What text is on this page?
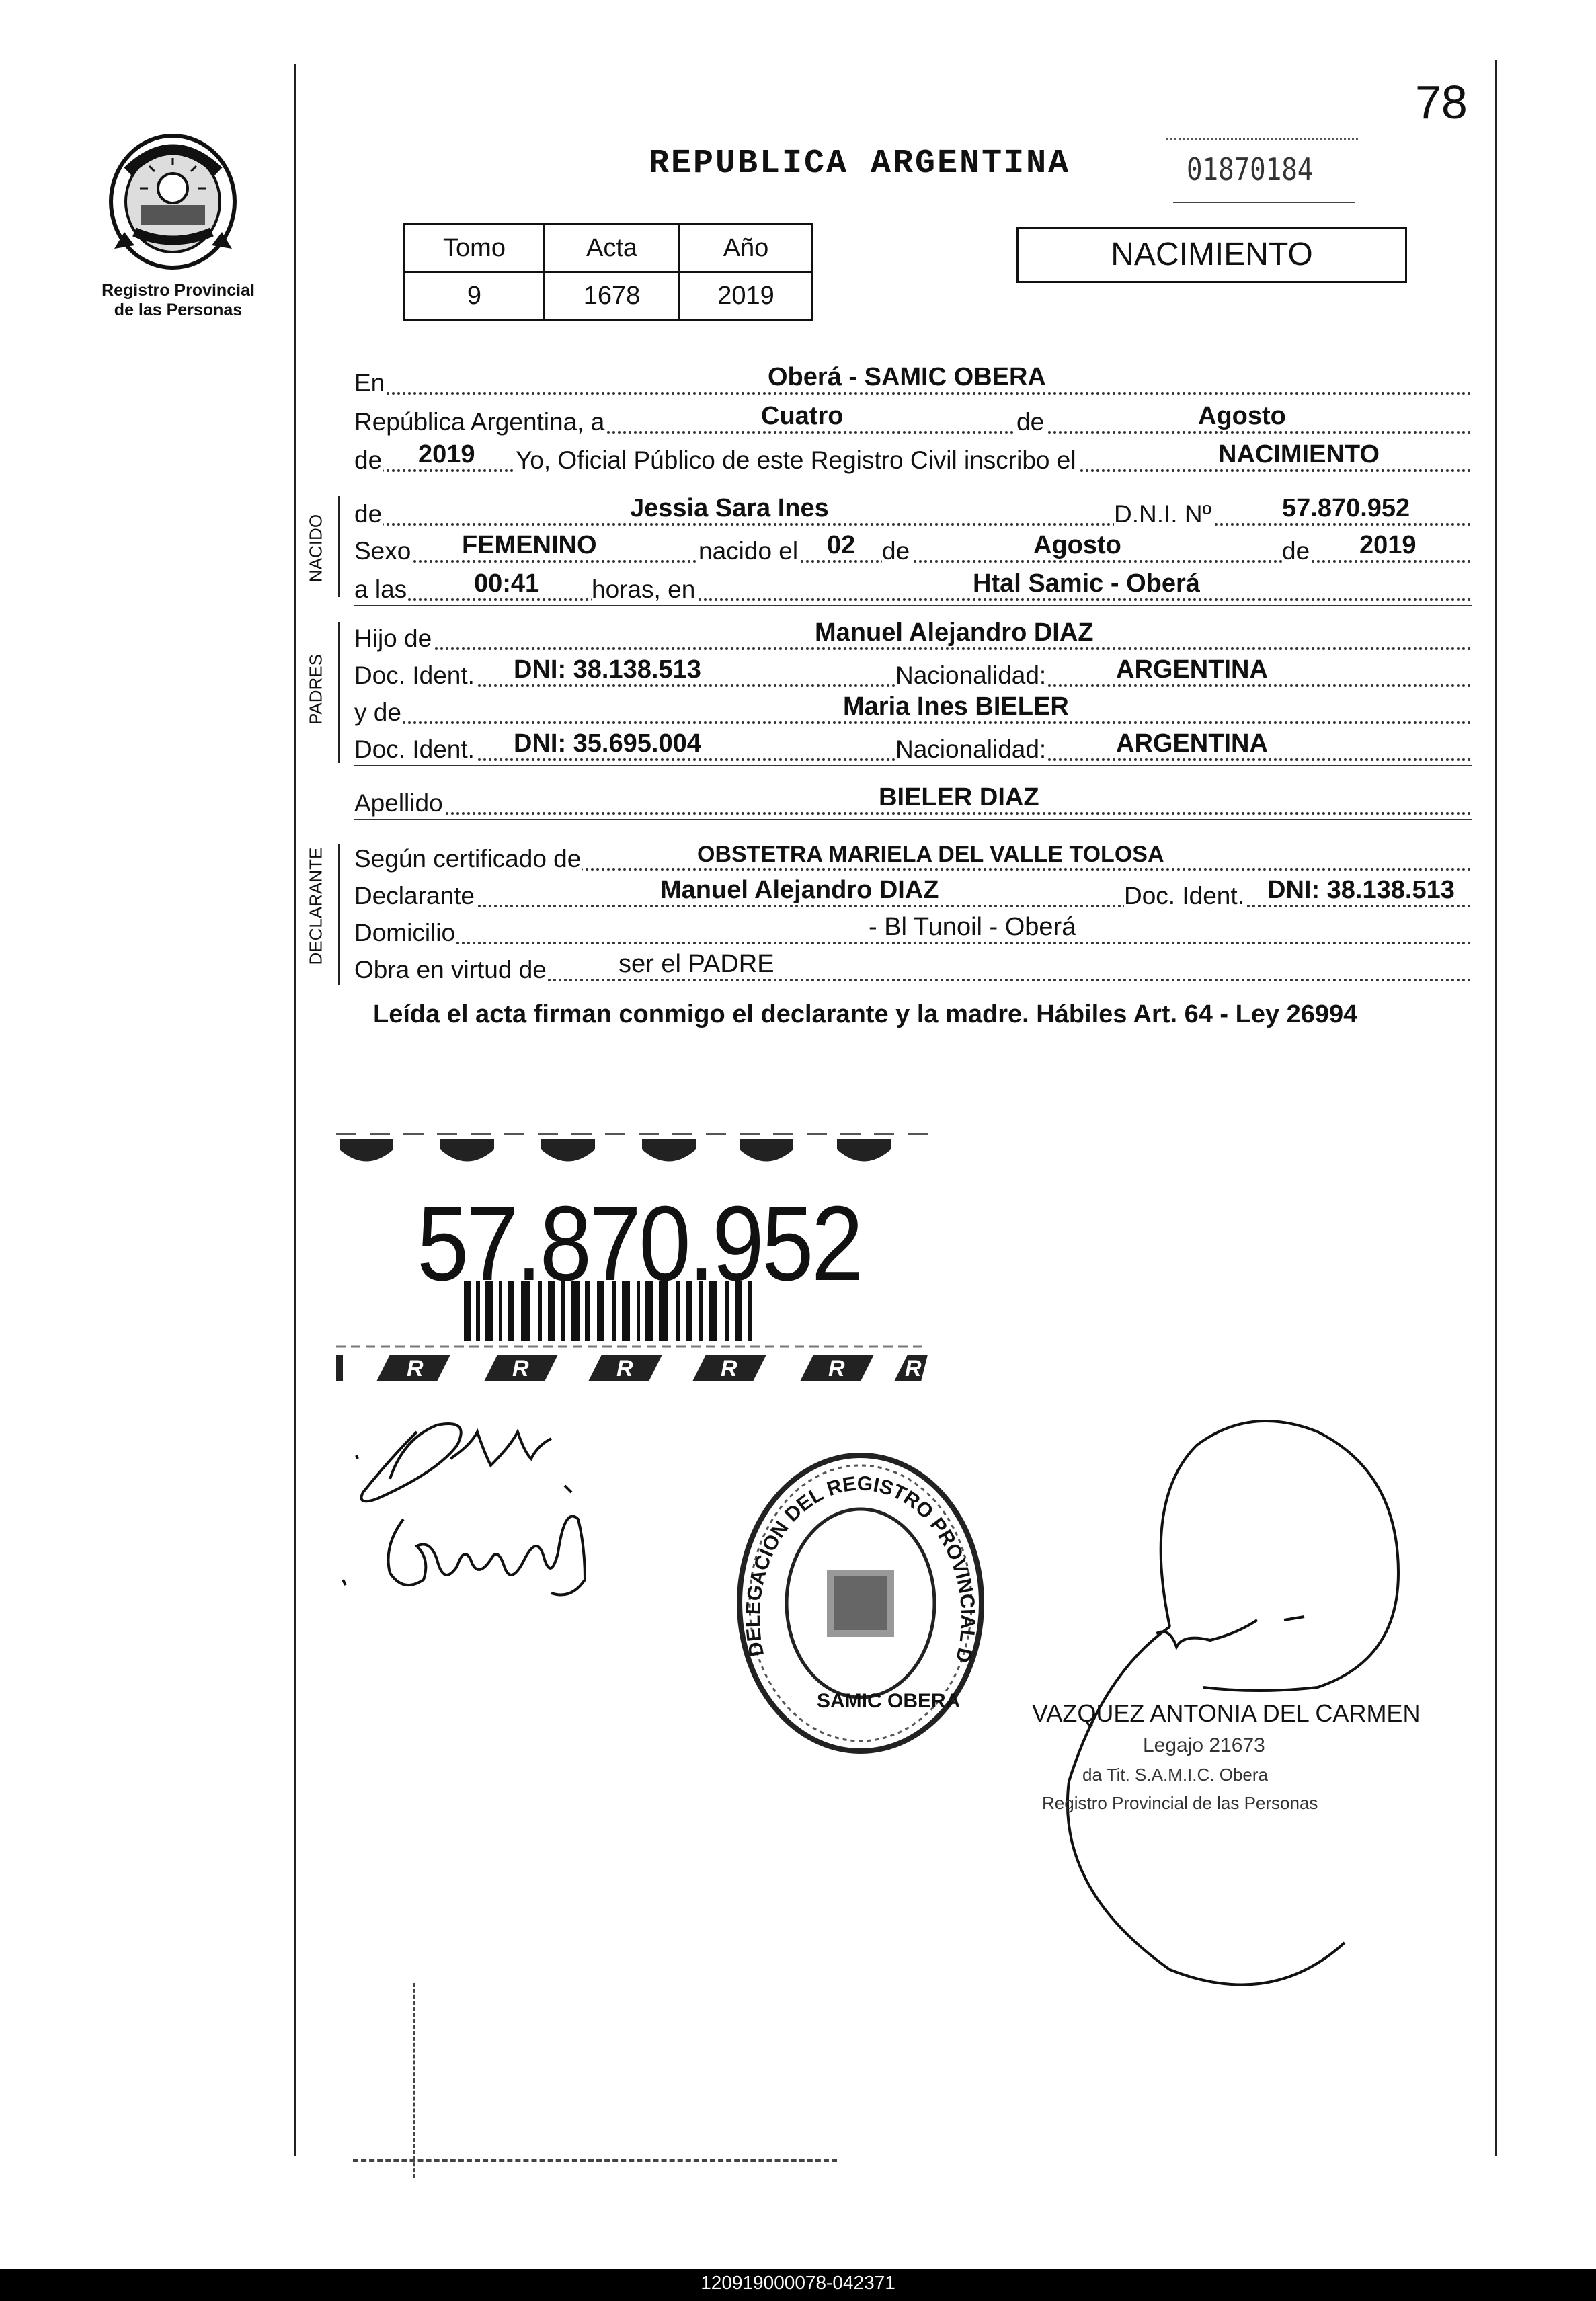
78
Registro Provincial
de las Personas
REPUBLICA ARGENTINA	01870184
Tomo	Acta	Año
9	1678	2019
NACIMIENTO
En	Oberá - SAMIC OBERA
República Argentina, a	Cuatro	de	Agosto
de 2019 Yo, Oficial Público de este Registro Civil inscribo el	NACIMIENTO
NACIDO
de	Jessia Sara Ines	D.N.I. Nº	57.870.952
Sexo FEMENINO	nacido el 02 de	Agosto	de 2019
a las	00:41 horas, en	Htal Samic - Oberá
PADRES
Hijo de	Manuel Alejandro DIAZ
Doc. Ident. DNI: 38.138.513	Nacionalidad:	ARGENTINA
y de	Maria Ines BIELER
Doc. Ident. DNI: 35.695.004	Nacionalidad:	ARGENTINA
Apellido	BIELER DIAZ
DECLARANTE Según certificado de	OBSTETRA MARIELA DEL VALLE TOLOSA
Declarante	Manuel Alejandro DIAZ	Doc. Ident. DNI: 38.138.513
Domicilio	- Bl Tunoil - Oberá
Obra en virtud de	ser el PADRE
Leída el acta firman conmigo el declarante y la madre. Hábiles Art. 64 - Ley 26994
R	R	R	R	R	R
57.870.952
DELEGACION DEL REGISTRO PROVINCIAL D
SAMIC OBERA	VAZQUEZ ANTONIA DEL CARMEN
Legajo 21673
da Tit. S.A.M.I.C. Obera
Registro Provincial de las Personas
120919000078-042371
